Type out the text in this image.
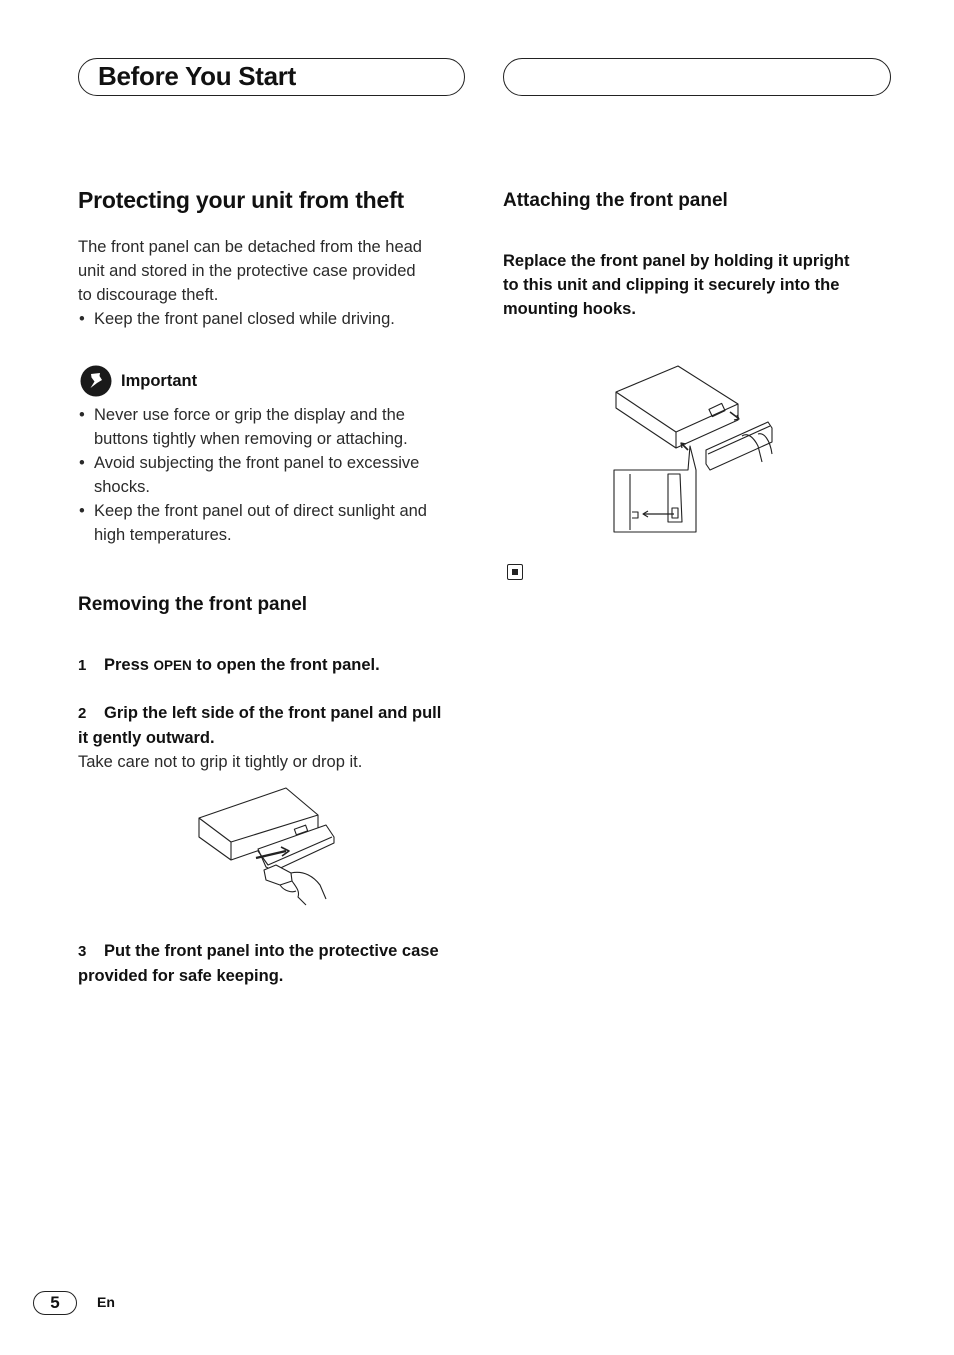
Before You Start
Protecting your unit from theft
The front panel can be detached from the head
unit and stored in the protective case provided
to discourage theft.
• Keep the front panel closed while driving.
Important
• Never use force or grip the display and the
buttons tightly when removing or attaching.
• Avoid subjecting the front panel to excessive
shocks.
• Keep the front panel out of direct sunlight and
high temperatures.
Removing the front panel
1 Press OPEN to open the front panel.
2 Grip the left side of the front panel and pull
it gently outward.
Take care not to grip it tightly or drop it.
3 Put the front panel into the protective case
provided for safe keeping.
Attaching the front panel
Replace the front panel by holding it upright
to this unit and clipping it securely into the
mounting hooks.
5	En
